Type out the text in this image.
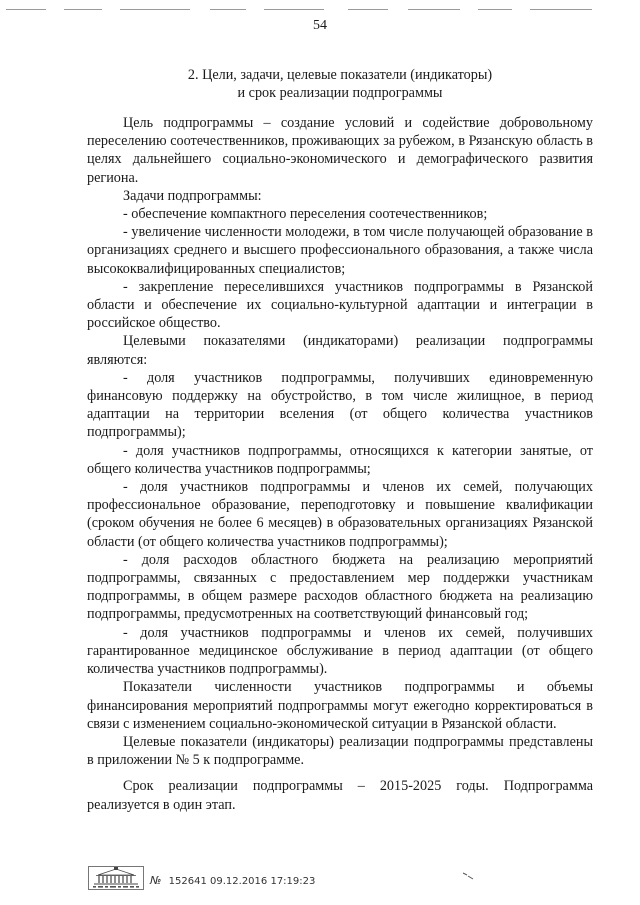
54
2. Цели, задачи, целевые показатели (индикаторы)
и срок реализации подпрограммы

Цель подпрограммы – создание условий и содействие добровольному переселению соотечественников, проживающих за рубежом, в Рязанскую область в целях дальнейшего социально-экономического и демографического развития региона.

Задачи подпрограммы:

- обеспечение компактного переселения соотечественников;

- увеличение численности молодежи, в том числе получающей образование в организациях среднего и высшего профессионального образования, а также числа высококвалифицированных специалистов;

- закрепление переселившихся участников подпрограммы в Рязанской области и обеспечение их социально-культурной адаптации и интеграции в российское общество.

Целевыми показателями (индикаторами) реализации подпрограммы являются:

- доля участников подпрограммы, получивших единовременную финансовую поддержку на обустройство, в том числе жилищное, в период адаптации на территории вселения (от общего количества участников подпрограммы);

- доля участников подпрограммы, относящихся к категории занятые, от общего количества участников подпрограммы;

- доля участников подпрограммы и членов их семей, получающих профессиональное образование, переподготовку и повышение квалификации (сроком обучения не более 6 месяцев) в образовательных организациях Рязанской области (от общего количества участников подпрограммы);

- доля расходов областного бюджета на реализацию мероприятий подпрограммы, связанных с предоставлением мер поддержки участникам подпрограммы, в общем размере расходов областного бюджета на реализацию подпрограммы, предусмотренных на соответствующий финансовый год;

- доля участников подпрограммы и членов их семей, получивших гарантированное медицинское обслуживание в период адаптации (от общего количества участников подпрограммы).

Показатели численности участников подпрограммы и объемы финансирования мероприятий подпрограммы могут ежегодно корректироваться в связи с изменением социально-экономической ситуации в Рязанской области.

Целевые показатели (индикаторы) реализации подпрограммы представлены в приложении № 5 к подпрограмме.

Срок реализации подпрограммы – 2015-2025 годы. Подпрограмма реализуется в один этап.

№ 152641 09.12.2016 17:19:23
